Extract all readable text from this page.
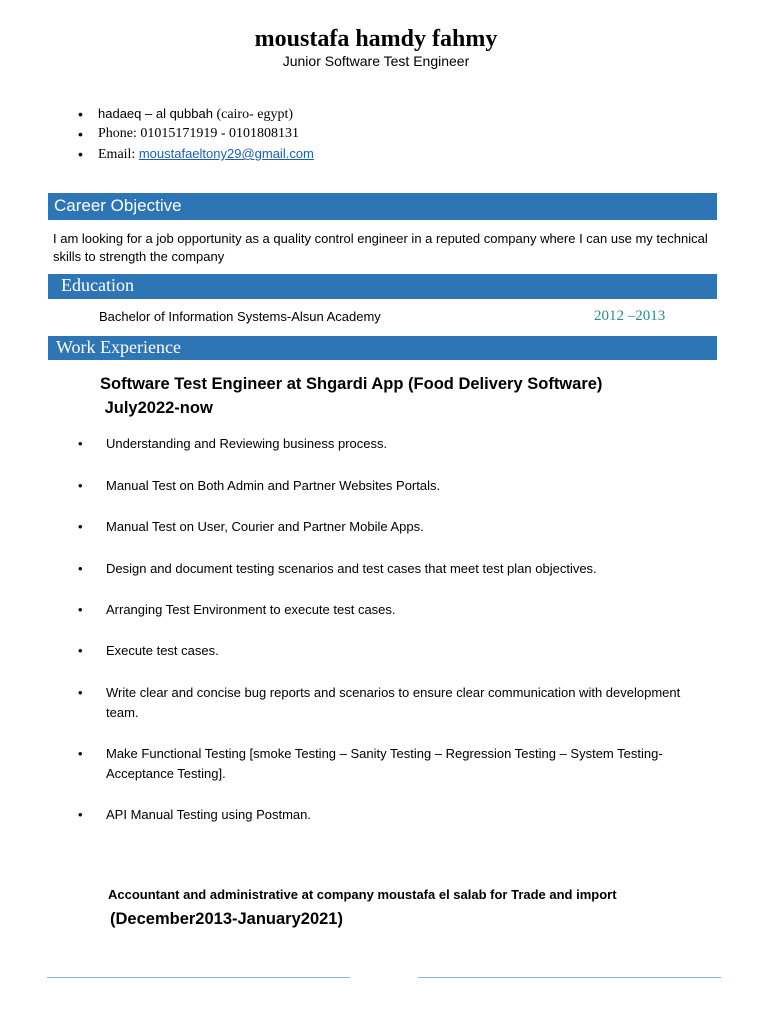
moustafa hamdy fahmy
Junior Software Test Engineer
• hadaeq – al qubbah (cairo- egypt)
• Phone: 01015171919 - 0101808131
• Email: moustafaeltony29@gmail.com
Career Objective
I am looking for a job opportunity as a quality control engineer in a reputed company where I can use my technical skills to strength the company
Education
Bachelor of Information Systems-Alsun Academy	2012 –2013
Work Experience
Software Test Engineer at Shgardi App (Food Delivery Software)
July2022-now
•	Understanding and Reviewing business process.
•	Manual Test on Both Admin and Partner Websites Portals.
•	Manual Test on User, Courier and Partner Mobile Apps.
•	Design and document testing scenarios and test cases that meet test plan objectives.
•	Arranging Test Environment to execute test cases.
•	Execute test cases.
•	Write clear and concise bug reports and scenarios to ensure clear communication with development team.
•	Make Functional Testing [smoke Testing – Sanity Testing – Regression Testing – System Testing- Acceptance Testing].
•	API Manual Testing using Postman.
Accountant and administrative at company moustafa el salab for Trade and import
(December2013-January2021)
